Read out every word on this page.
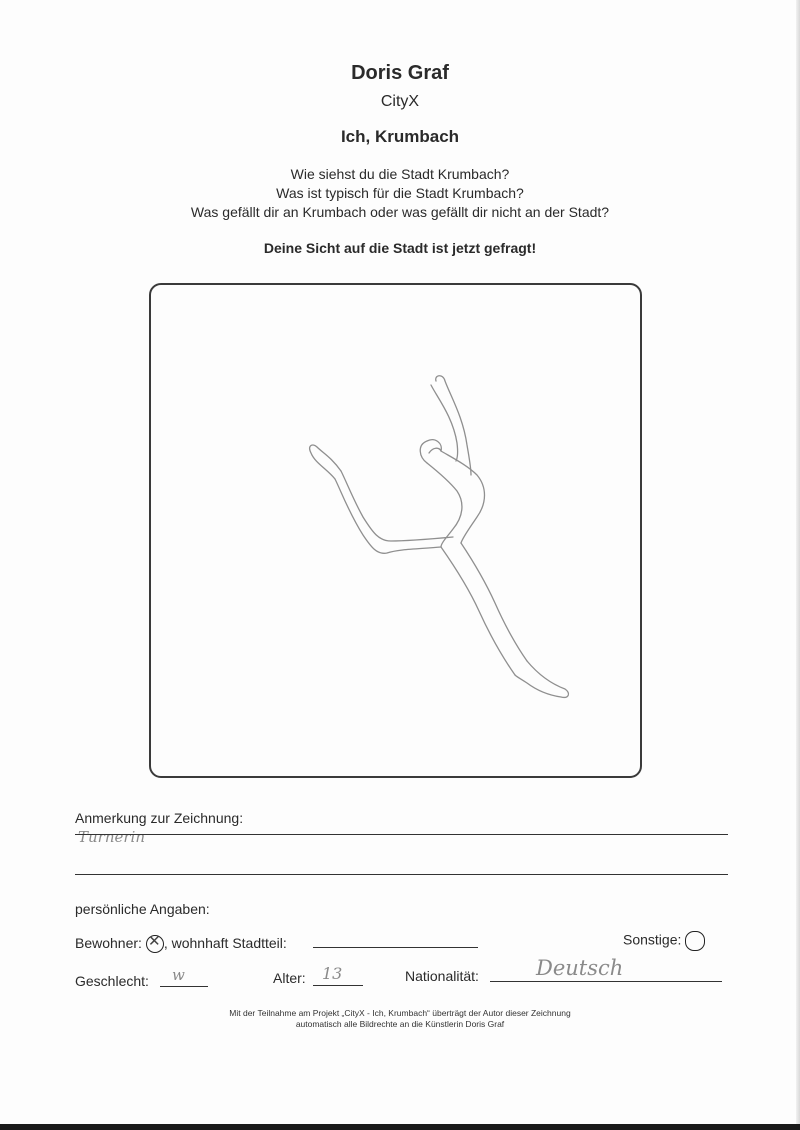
Doris Graf
CityX
Ich, Krumbach
Wie siehst du die Stadt Krumbach?
Was ist typisch für die Stadt Krumbach?
Was gefällt dir an Krumbach oder was gefällt dir nicht an der Stadt?
Deine Sicht auf die Stadt ist jetzt gefragt!
Anmerkung zur Zeichnung:
Turnerin
persönliche Angaben:
Bewohner: ✕ , wohnhaft Stadtteil:	Sonstige:
Geschlecht: w	Alter: 13	Nationalität:	Deutsch
Mit der Teilnahme am Projekt „CityX - Ich, Krumbach“ überträgt der Autor dieser Zeichnung
automatisch alle Bildrechte an die Künstlerin Doris Graf
